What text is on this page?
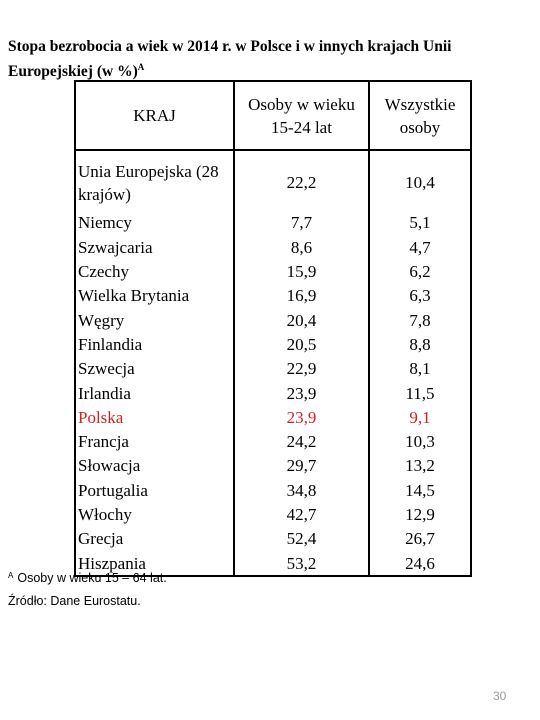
Stopa bezrobocia a wiek w 2014 r. w Polsce i w innych krajach Unii Europejskiej (w %)$^A$
KRAJ	Osoby w wieku 15-24 lat	Wszystkie osoby
Unia Europejska (28 krajów)	22,2	10,4
Niemcy	7,7	5,1
Szwajcaria	8,6	4,7
Czechy	15,9	6,2
Wielka Brytania	16,9	6,3
Węgry	20,4	7,8
Finlandia	20,5	8,8
Szwecja	22,9	8,1
Irlandia	23,9	11,5
Polska	23,9	9,1
Francja	24,2	10,3
Słowacja	29,7	13,2
Portugalia	34,8	14,5
Włochy	42,7	12,9
Grecja	52,4	26,7
Hiszpania	53,2	24,6
$^A$ Osoby w wieku 15 – 64 lat.
Źródło: Dane Eurostatu.
30
